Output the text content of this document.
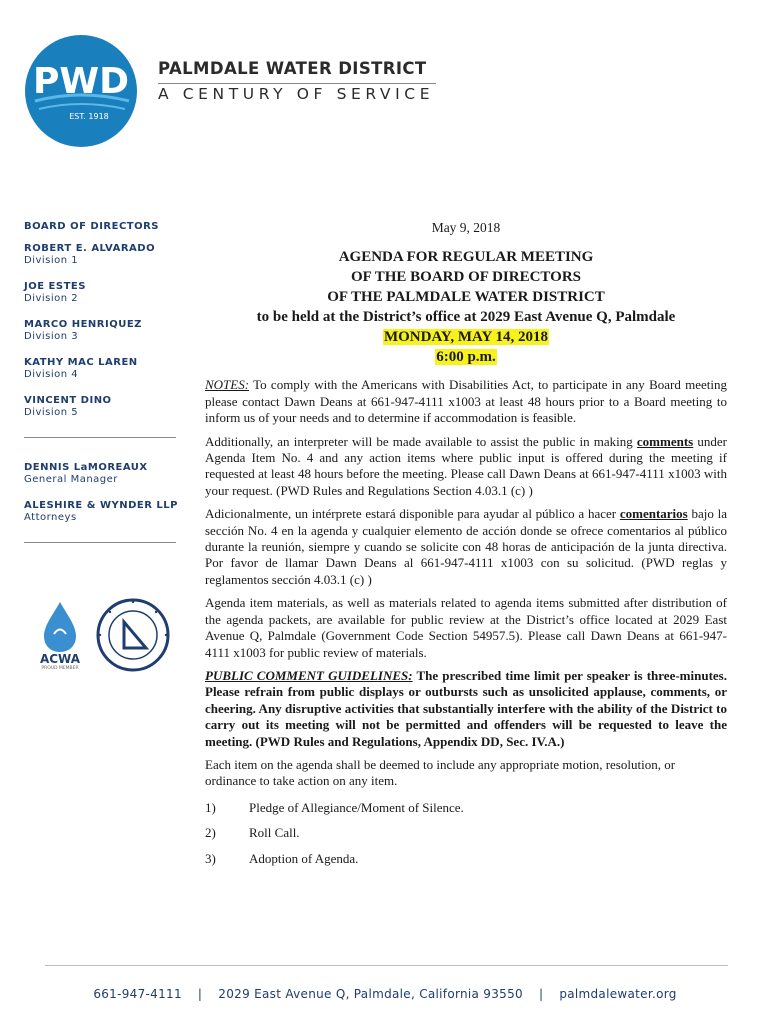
PWD
EST. 1918
PALMDALE WATER DISTRICT
A CENTURY OF SERVICE
BOARD OF DIRECTORS
ROBERT E. ALVARADO
Division 1
JOE ESTES
Division 2
MARCO HENRIQUEZ
Division 3
KATHY MAC LAREN
Division 4
VINCENT DINO
Division 5
DENNIS LaMOREAUX
General Manager
ALESHIRE & WYNDER LLP
Attorneys
ACWA
PROUD MEMBER
May 9, 2018
AGENDA FOR REGULAR MEETING
OF THE BOARD OF DIRECTORS
OF THE PALMDALE WATER DISTRICT
to be held at the District’s office at 2029 East Avenue Q, Palmdale
MONDAY, MAY 14, 2018
6:00 p.m.
NOTES: To comply with the Americans with Disabilities Act, to participate in any Board meeting please contact Dawn Deans at 661-947-4111 x1003 at least 48 hours prior to a Board meeting to inform us of your needs and to determine if accommodation is feasible.
Additionally, an interpreter will be made available to assist the public in making comments under Agenda Item No. 4 and any action items where public input is offered during the meeting if requested at least 48 hours before the meeting. Please call Dawn Deans at 661-947-4111 x1003 with your request. (PWD Rules and Regulations Section 4.03.1 (c) )
Adicionalmente, un intérprete estará disponible para ayudar al público a hacer comentarios bajo la sección No. 4 en la agenda y cualquier elemento de acción donde se ofrece comentarios al público durante la reunión, siempre y cuando se solicite con 48 horas de anticipación de la junta directiva. Por favor de llamar Dawn Deans al 661-947-4111 x1003 con su solicitud. (PWD reglas y reglamentos sección 4.03.1 (c) )
Agenda item materials, as well as materials related to agenda items submitted after distribution of the agenda packets, are available for public review at the District’s office located at 2029 East Avenue Q, Palmdale (Government Code Section 54957.5). Please call Dawn Deans at 661-947-4111 x1003 for public review of materials.
PUBLIC COMMENT GUIDELINES: The prescribed time limit per speaker is three-minutes. Please refrain from public displays or outbursts such as unsolicited applause, comments, or cheering. Any disruptive activities that substantially interfere with the ability of the District to carry out its meeting will not be permitted and offenders will be requested to leave the meeting. (PWD Rules and Regulations, Appendix DD, Sec. IV.A.)
Each item on the agenda shall be deemed to include any appropriate motion, resolution, or ordinance to take action on any item.
1)	Pledge of Allegiance/Moment of Silence.
2)	Roll Call.
3)	Adoption of Agenda.
661-947-4111 | 2029 East Avenue Q, Palmdale, California 93550 | palmdalewater.org
